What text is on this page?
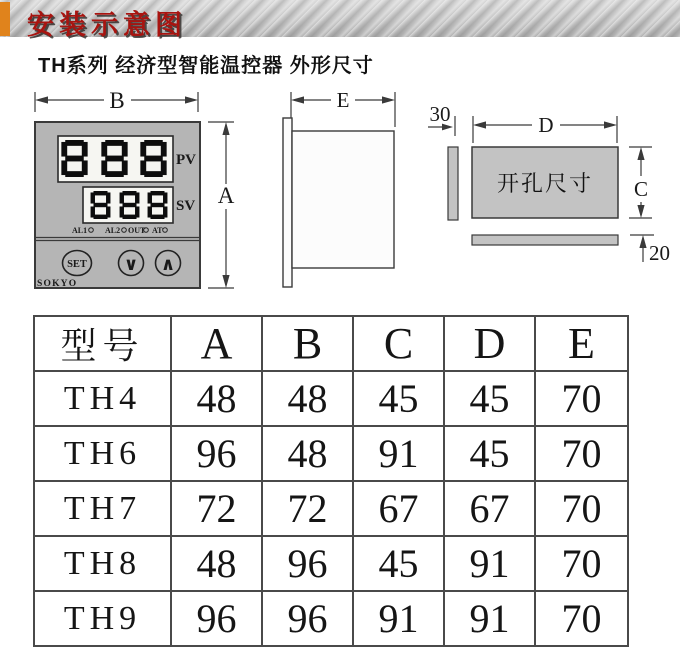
安装示意图
TH系列 经济型智能温控器 外形尺寸
B
A
PV
SV
AL1 AL2 OUT AT
SET ∨ ∧
SOKYO
E
30	D
开孔尺寸 C
20
型号	A	B	C	D	E
TH4	48	48	45	45	70
TH6	96	48	91	45	70
TH7	72	72	67	67	70
TH8	48	96	45	91	70
TH9	96	96	91	91	70
